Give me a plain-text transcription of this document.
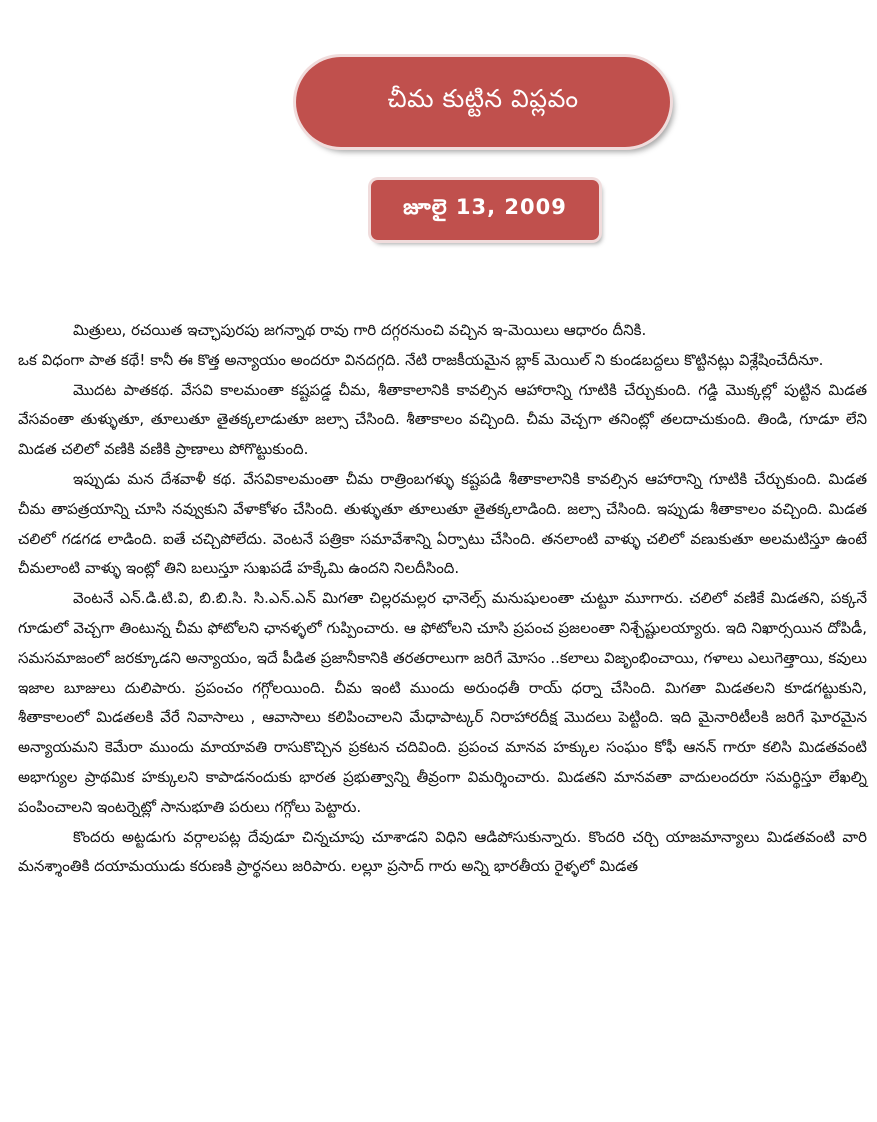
చీమ కుట్టిన విప్లవం
జూలై 13, 2009

మిత్రులు, రచయిత ఇచ్ఛాపురపు జగన్నాథ రావు గారి దగ్గరనుంచి వచ్చిన ఇ-మెయిలు ఆధారం దీనికి.

ఒక విధంగా పాత కథే! కానీ ఈ కొత్త అన్యాయం అందరూ వినదగ్గది. నేటి రాజకీయమైన బ్లాక్ మెయిల్ ని కుండబద్దలు కొట్టినట్లు విశ్లేషించేదీనూ.

మొదట పాతకథ. వేసవి కాలమంతా కష్టపడ్డ చీమ, శీతాకాలానికి కావల్సిన ఆహారాన్ని గూటికి చేర్చుకుంది. గడ్డి మొక్కల్లో పుట్టిన మిడత వేసవంతా తుళ్ళుతూ, తూలుతూ తైతక్కలాడుతూ జల్సా చేసింది. శీతాకాలం వచ్చింది. చీమ వెచ్చగా తనింట్లో తలదాచుకుంది. తిండి, గూడూ లేని మిడత చలిలో వణికి వణికి ప్రాణాలు పోగొట్టుకుంది.

ఇప్పుడు మన దేశవాళీ కథ. వేసవికాలమంతా చీమ రాత్రింబగళ్ళు కష్టపడి శీతాకాలానికి కావల్సిన ఆహారాన్ని గూటికి చేర్చుకుంది. మిడత చీమ తాపత్రయాన్ని చూసి నవ్వుకుని వేళాకోళం చేసింది. తుళ్ళుతూ తూలుతూ తైతక్కలాడింది. జల్సా చేసింది. ఇప్పుడు శీతాకాలం వచ్చింది. మిడత చలిలో గడగడ లాడింది. ఐతే చచ్చిపోలేదు. వెంటనే పత్రికా సమావేశాన్ని ఏర్పాటు చేసింది. తనలాంటి వాళ్ళు చలిలో వణుకుతూ అలమటిస్తూ ఉంటే చీమలాంటి వాళ్ళు ఇంట్లో తిని బలుస్తూ సుఖపడే హక్కేమి ఉందని నిలదీసింది.

వెంటనే ఎన్.డి.టి.వి, బి.బి.సి. సి.ఎన్.ఎన్ మిగతా చిల్లరమల్లర ఛానెల్స్ మనుషులంతా చుట్టూ మూగారు. చలిలో వణికే మిడతని, పక్కనే గూడులో వెచ్చగా తింటున్న చీమ ఫోటోలని ఛానళ్ళలో గుప్పించారు. ఆ ఫోటోలని చూసి ప్రపంచ ప్రజలంతా నిశ్చేష్టులయ్యారు. ఇది నిఖార్సయిన దోపిడీ, సమసమాజంలో జరక్కూడని అన్యాయం, ఇదే పీడిత ప్రజానీకానికి తరతరాలుగా జరిగే మోసం ..కలాలు విజృంభించాయి, గళాలు ఎలుగెత్తాయి, కవులు ఇజాల బూజులు దులిపారు. ప్రపంచం గగ్గోలయింది. చీమ ఇంటి ముందు అరుంధతీ రాయ్ ధర్నా చేసింది. మిగతా మిడతలని కూడగట్టుకుని, శీతాకాలంలో మిడతలకి వేరే నివాసాలు , ఆవాసాలు కలిపించాలని మేధాపాట్కర్ నిరాహారదీక్ష మొదలు పెట్టింది. ఇది మైనారిటీలకి జరిగే ఘోరమైన అన్యాయమని కెమేరా ముందు మాయావతి రాసుకొచ్చిన ప్రకటన చదివింది. ప్రపంచ మానవ హక్కుల సంఘం కోఫీ ఆనన్ గారూ కలిసి మిడతవంటి అభాగ్యుల ప్రాథమిక హక్కులని కాపాడనందుకు భారత ప్రభుత్వాన్ని తీవ్రంగా విమర్శించారు. మిడతని మానవతా వాదులందరూ సమర్థిస్తూ లేఖల్ని పంపించాలని ఇంటర్నెట్లో సానుభూతి పరులు గగ్గోలు పెట్టారు.

కొందరు అట్టడుగు వర్గాలపట్ల దేవుడూ చిన్నచూపు చూశాడని విధిని ఆడిపోసుకున్నారు. కొందరి చర్చి యాజమాన్యాలు మిడతవంటి వారి మనశ్శాంతికి దయామయుడు కరుణకి ప్రార్థనలు జరిపారు. లల్లూ ప్రసాద్ గారు అన్ని భారతీయ రైళ్ళలో మిడత
